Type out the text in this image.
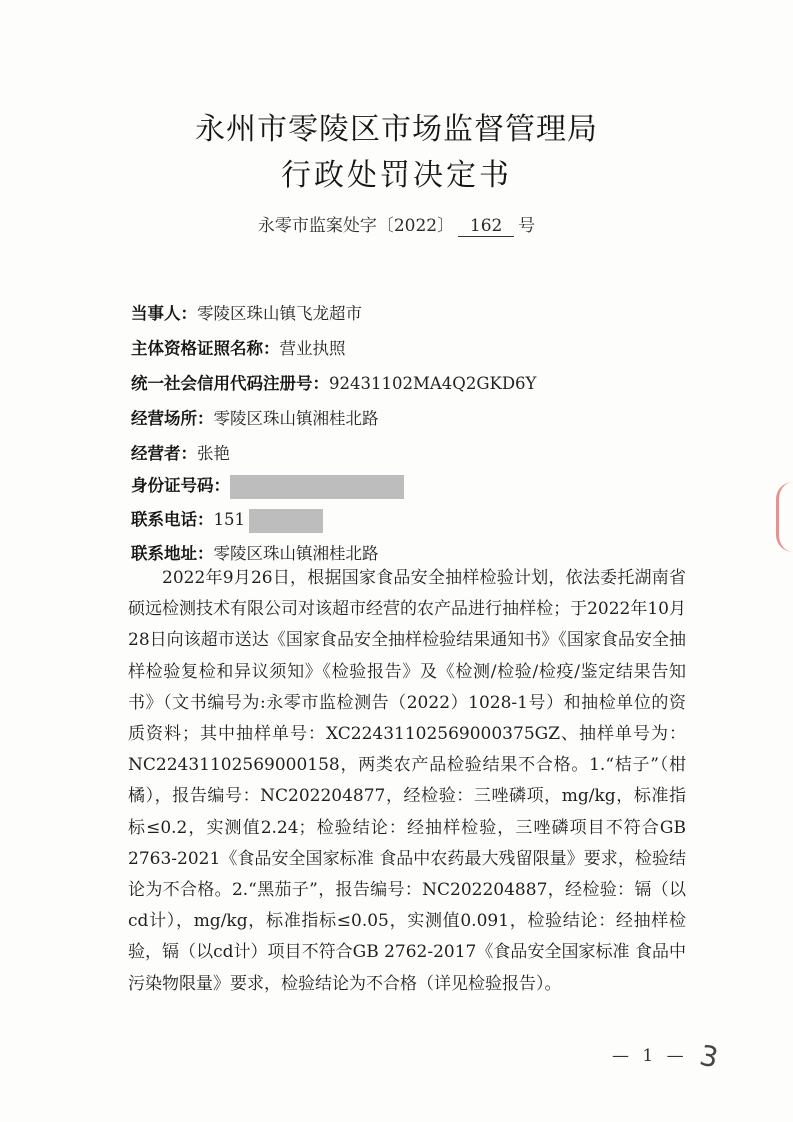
永州市零陵区市场监督管理局
行政处罚决定书
永零市监案处字〔2022〕 162 号
当事人：零陵区珠山镇飞龙超市
主体资格证照名称：营业执照
统一社会信用代码注册号：92431102MA4Q2GKD6Y
经营场所：零陵区珠山镇湘桂北路
经营者：张艳
身份证号码：
联系电话：151
联系地址：零陵区珠山镇湘桂北路
2022年9月26日，根据国家食品安全抽样检验计划，依法委托湖南省硕远检测技术有限公司对该超市经营的农产品进行抽样检；于2022年10月28日向该超市送达《国家食品安全抽样检验结果通知书》《国家食品安全抽样检验复检和异议须知》《检验报告》及《检测/检验/检疫/鉴定结果告知书》（文书编号为:永零市监检测告（2022）1028-1号）和抽检单位的资质资料；其中抽样单号：XC22431102569000375GZ、抽样单号为：NC22431102569000158，两类农产品检验结果不合格。1.“桔子”（柑橘），报告编号：NC202204877，经检验：三唑磷项，mg/kg，标准指标≤0.2，实测值2.24；检验结论：经抽样检验，三唑磷项目不符合GB 2763-2021《食品安全国家标准 食品中农药最大残留限量》要求，检验结论为不合格。2.“黑茄子”，报告编号：NC202204887，经检验：镉（以cd计），mg/kg，标准指标≤0.05，实测值0.091，检验结论：经抽样检验，镉（以cd计）项目不符合GB 2762-2017《食品安全国家标准 食品中污染物限量》要求，检验结论为不合格（详见检验报告）。
— 1 — 3
